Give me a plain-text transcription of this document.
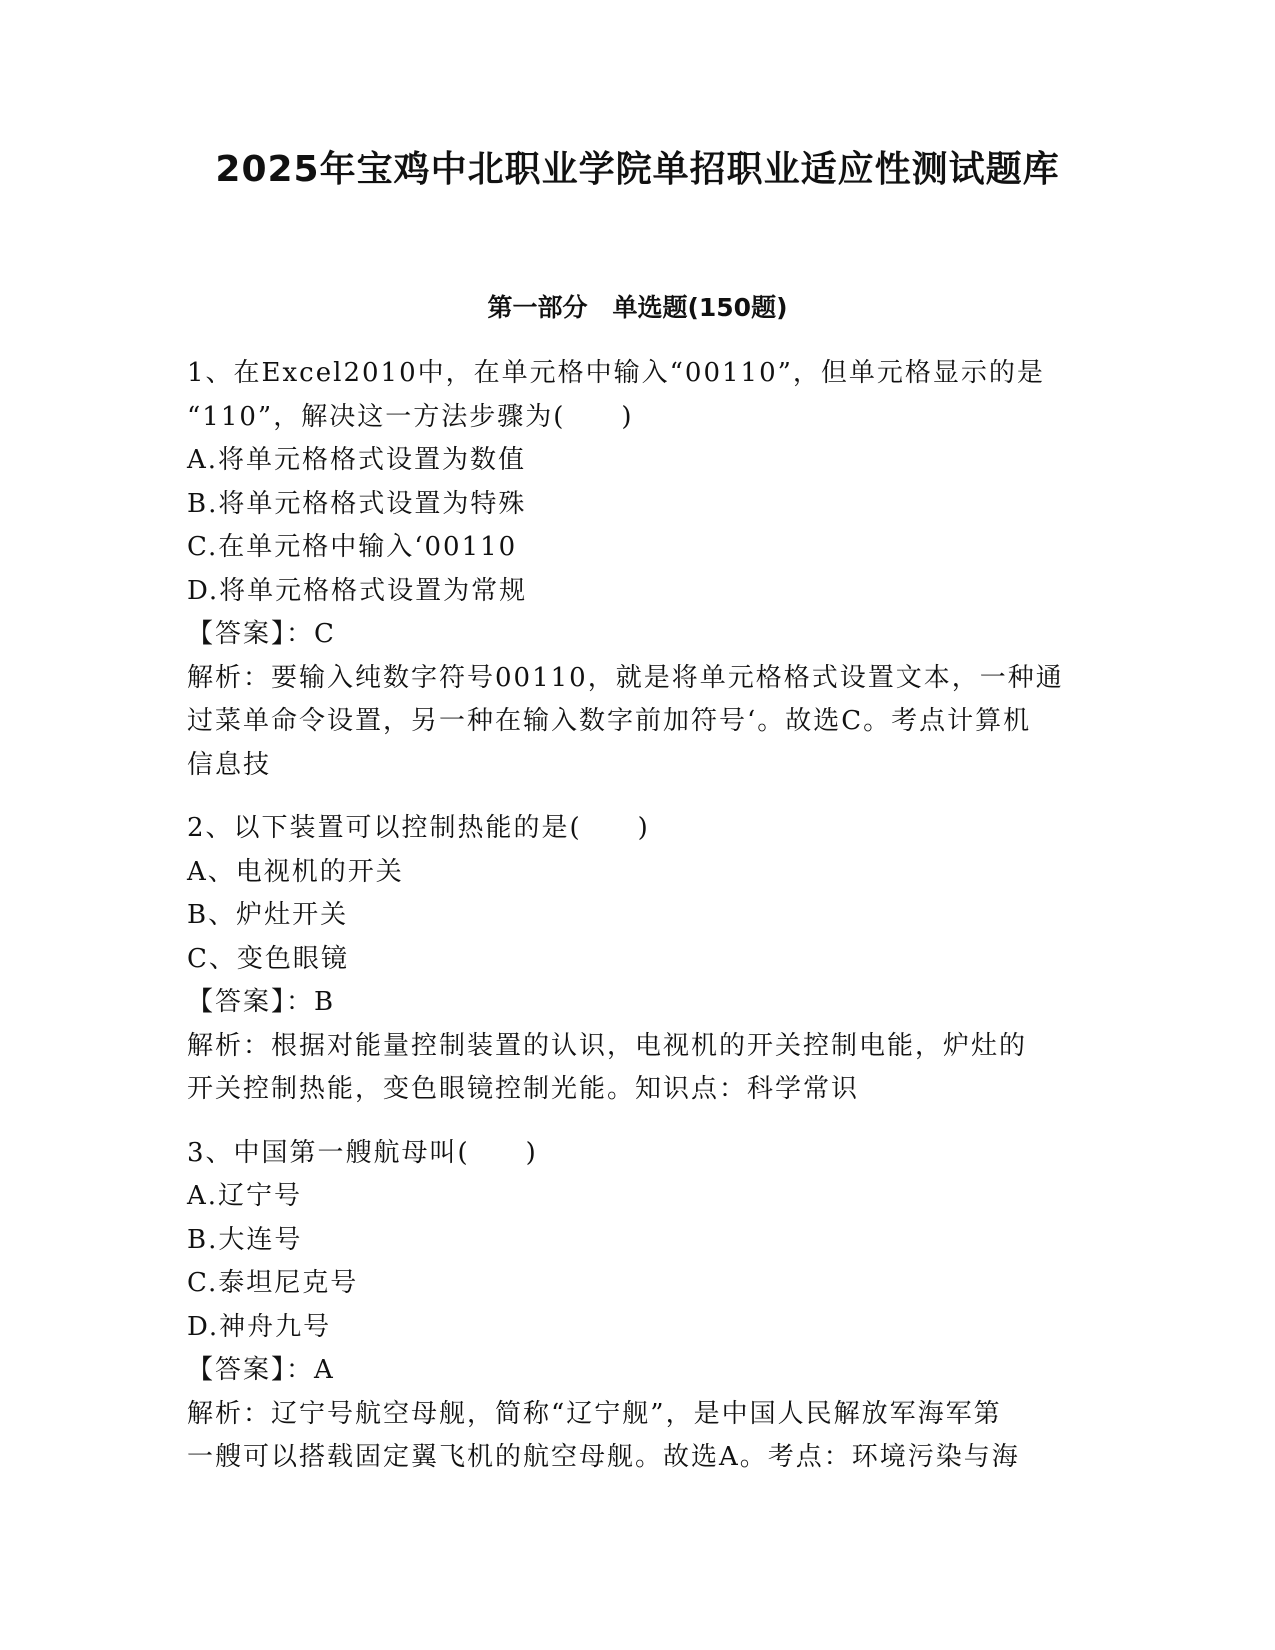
2025年宝鸡中北职业学院单招职业适应性测试题库
第一部分　单选题(150题)
1、在Excel2010中，在单元格中输入“00110”，但单元格显示的是
“110”，解决这一方法步骤为(　　)
A.将单元格格式设置为数值
B.将单元格格式设置为特殊
C.在单元格中输入‘00110
D.将单元格格式设置为常规
【答案】：C
解析：要输入纯数字符号00110，就是将单元格格式设置文本，一种通
过菜单命令设置，另一种在输入数字前加符号‘。故选C。考点计算机
信息技
2、以下装置可以控制热能的是(　　)
A、电视机的开关
B、炉灶开关
C、变色眼镜
【答案】：B
解析：根据对能量控制装置的认识，电视机的开关控制电能，炉灶的
开关控制热能，变色眼镜控制光能。知识点：科学常识
3、中国第一艘航母叫(　　)
A.辽宁号
B.大连号
C.泰坦尼克号
D.神舟九号
【答案】：A
解析：辽宁号航空母舰，简称“辽宁舰”，是中国人民解放军海军第
一艘可以搭载固定翼飞机的航空母舰。故选A。考点：环境污染与海
